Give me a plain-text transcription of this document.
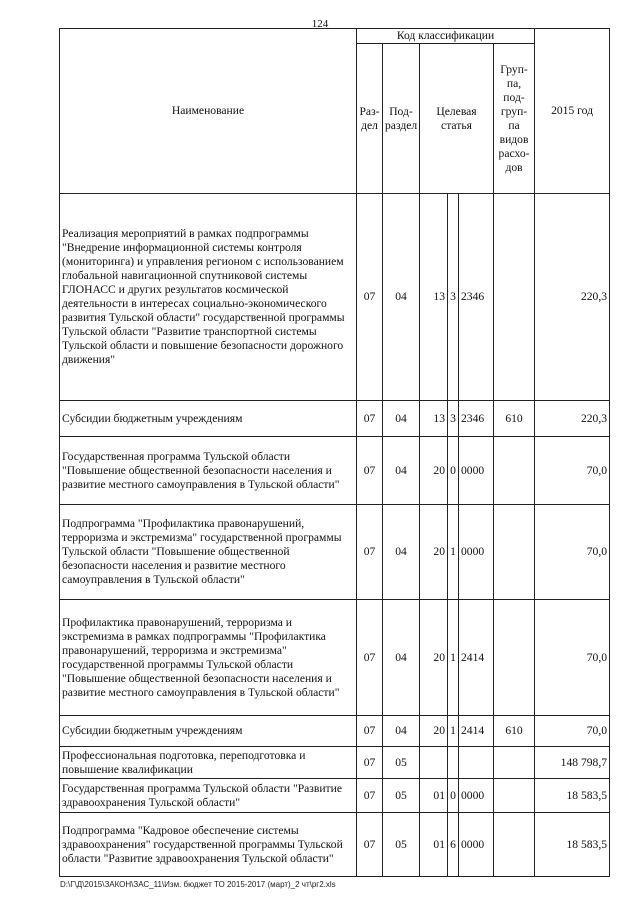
124
Наименование	Код классификации						2015 год
	Раз-дел	Под-раздел	Целевая статья			Груп-па, под-груп-па видов расхо-дов	
Реализация мероприятий в рамках подпрограммы "Внедрение информационной системы контроля (мониторинга) и управления регионом с использованием глобальной навигационной спутниковой системы ГЛОНАСС и других результатов космической деятельности в интересах социально-экономического развития Тульской области" государственной программы Тульской области "Развитие транспортной системы Тульской области и повышение безопасности дорожного движения"	07	04	13	3	2346		220,3
Субсидии бюджетным учреждениям	07	04	13	3	2346	610	220,3
Государственная программа Тульской области "Повышение общественной безопасности населения и развитие местного самоуправления в Тульской области"	07	04	20	0	0000		70,0
Подпрограмма "Профилактика правонарушений, терроризма и экстремизма" государственной программы Тульской области "Повышение общественной безопасности населения и развитие местного самоуправления в Тульской области"	07	04	20	1	0000		70,0
Профилактика правонарушений, терроризма и экстремизма в рамках подпрограммы "Профилактика правонарушений, терроризма и экстремизма" государственной программы Тульской области "Повышение общественной безопасности населения и развитие местного самоуправления в Тульской области"	07	04	20	1	2414		70,0
Субсидии бюджетным учреждениям	07	04	20	1	2414	610	70,0
Профессиональная подготовка, переподготовка и повышение квалификации	07	05					148 798,7
Государственная программа Тульской области "Развитие здравоохранения Тульской области"	07	05	01	0	0000		18 583,5
Подпрограмма "Кадровое обеспечение системы здравоохранения" государственной программы Тульской области "Развитие здравоохранения Тульской области"	07	05	01	6	0000		18 583,5
D:\Г\Д\2015\ЗАКОН\ЗАС_11\Изм. бюджет ТО 2015-2017 (март)_2 чт\рг2.xls
